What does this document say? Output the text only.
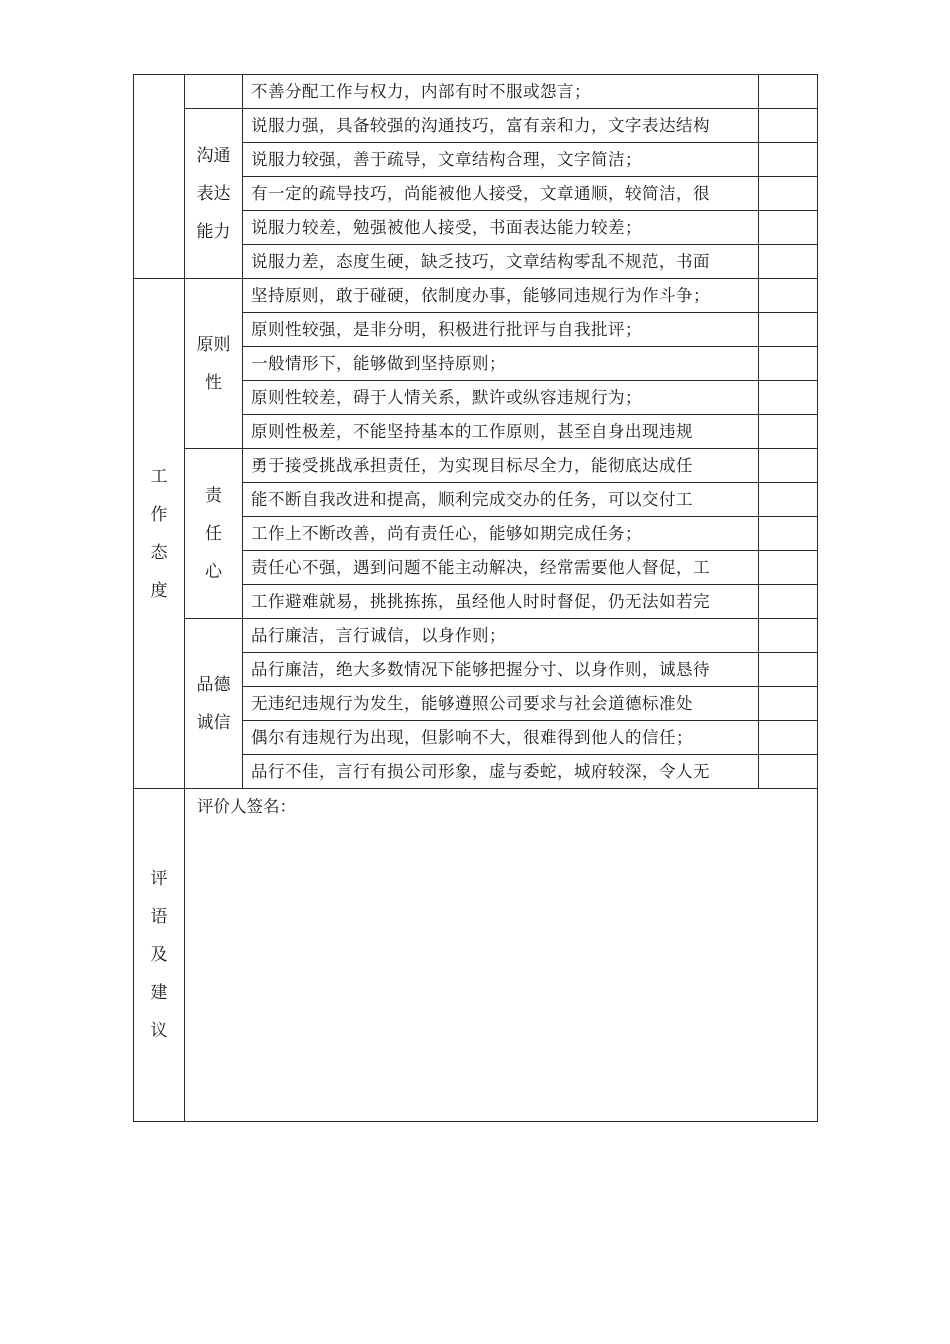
		不善分配工作与权力，内部有时不服或怨言；	
	沟通表达能力	说服力强，具备较强的沟通技巧，富有亲和力，文字表达结构	
		说服力较强，善于疏导，文章结构合理，文字简洁；	
		有一定的疏导技巧，尚能被他人接受，文章通顺，较简洁，很	
		说服力较差，勉强被他人接受，书面表达能力较差；	
		说服力差，态度生硬，缺乏技巧，文章结构零乱不规范，书面	
工作态度	原则性	坚持原则，敢于碰硬，依制度办事，能够同违规行为作斗争；	
		原则性较强，是非分明，积极进行批评与自我批评；	
		一般情形下，能够做到坚持原则；	
		原则性较差，碍于人情关系，默许或纵容违规行为；	
		原则性极差，不能坚持基本的工作原则，甚至自身出现违规	
	责任心	勇于接受挑战承担责任，为实现目标尽全力，能彻底达成任	
		能不断自我改进和提高，顺利完成交办的任务，可以交付工	
		工作上不断改善，尚有责任心，能够如期完成任务；	
		责任心不强，遇到问题不能主动解决，经常需要他人督促，工	
		工作避难就易，挑挑拣拣，虽经他人时时督促，仍无法如若完	
	品德诚信	品行廉洁，言行诚信，以身作则；	
		品行廉洁，绝大多数情况下能够把握分寸、以身作则，诚恳待	
		无违纪违规行为发生，能够遵照公司要求与社会道德标准处	
		偶尔有违规行为出现，但影响不大，很难得到他人的信任；	
		品行不佳，言行有损公司形象，虚与委蛇，城府较深，令人无	
评语及建议	评价人签名：		
